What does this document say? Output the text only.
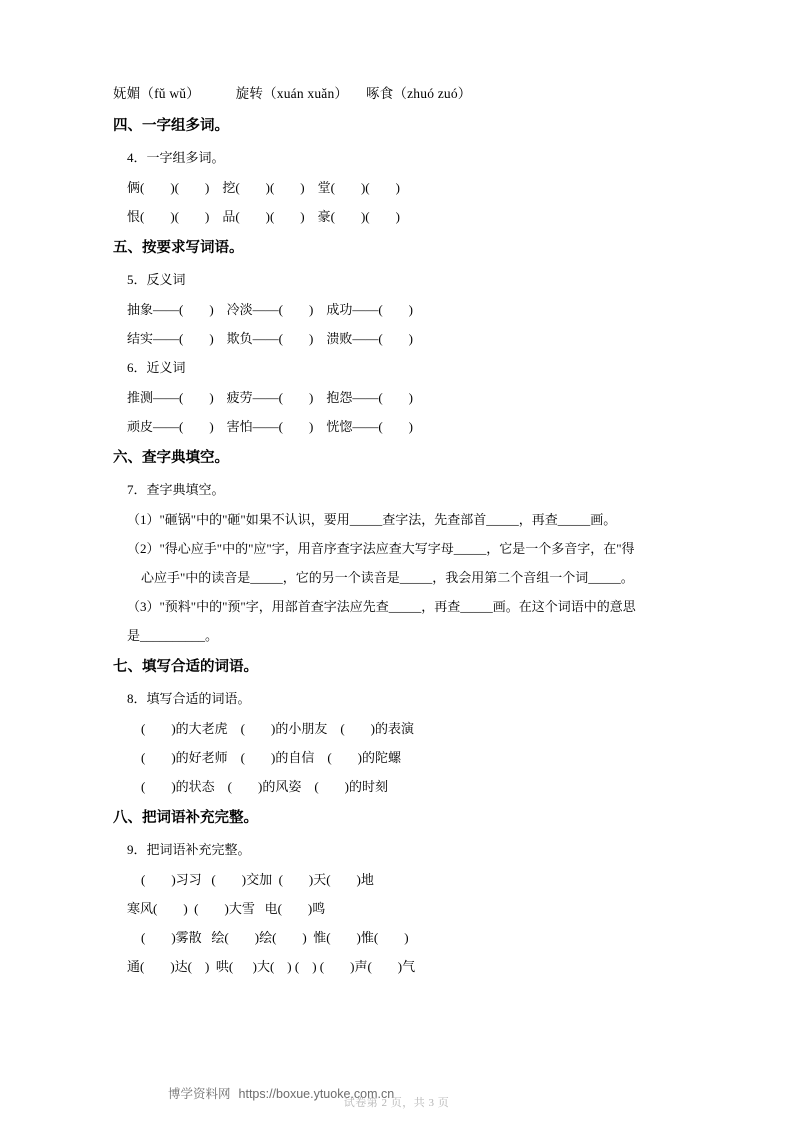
妩媚（fǔ wǔ）          旋转（xuán xuǎn）     啄食（zhuó zuó）
四、一字组多词。
4．一字组多词。
俩(        )(        )    挖(        )(        )    堂(        )(        )
恨(        )(        )    品(        )(        )    豪(        )(        )
五、按要求写词语。
5．反义词
抽象——(        )    冷淡——(        )    成功——(        )
结实——(        )    欺负——(        )    溃败——(        )
6．近义词
推测——(        )    疲劳——(        )    抱怨——(        )
顽皮——(        )    害怕——(        )    恍惚——(        )
六、查字典填空。
7．查字典填空。
（1）"砸锅"中的"砸"如果不认识，要用_____查字法，先查部首_____，再查_____画。
（2）"得心应手"中的"应"字，用音序查字法应查大写字母_____，它是一个多音字，在"得
心应手"中的读音是_____，它的另一个读音是_____，我会用第二个音组一个词_____。
（3）"预料"中的"预"字，用部首查字法应先查_____，再查_____画。在这个词语中的意思
是__________。
七、填写合适的词语。
8．填写合适的词语。
(        )的大老虎    (        )的小朋友    (        )的表演
(        )的好老师    (        )的自信    (        )的陀螺
(        )的状态    (        )的风姿    (        )的时刻
八、把词语补充完整。
9．把词语补充完整。
(        )习习   (        )交加  (        )天(        )地
寒风(        )  (        )大雪   电(        )鸣
(        )雾散   绘(        )绘(        )  惟(        )惟(        )
通(        )达(    )  哄(      )大(    ) (    ) (        )声(        )气
博学资料网 https://boxue.ytuoke.com.cn
试卷第 2 页，共 3 页
